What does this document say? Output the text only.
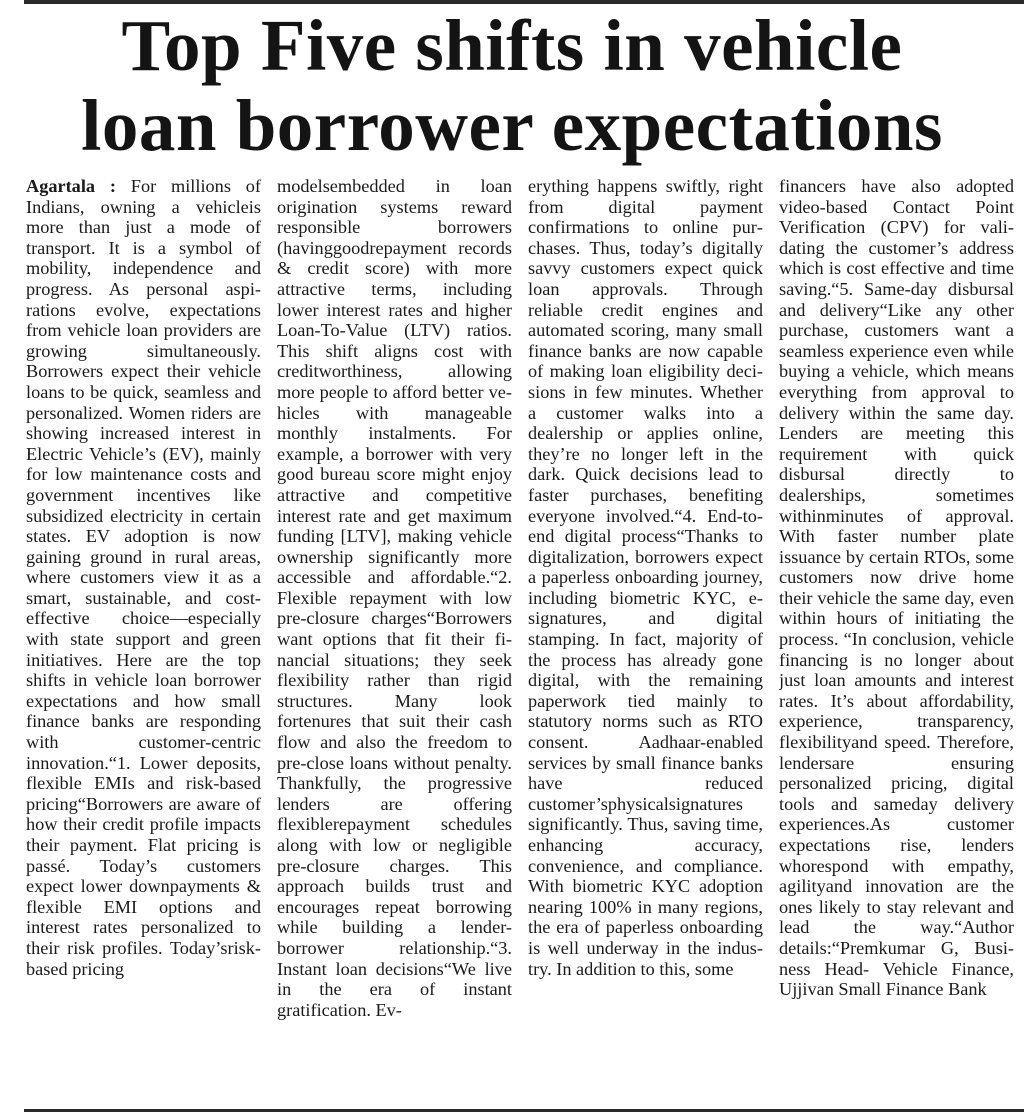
Top Five shifts in vehicle
loan borrower expectations

Agartala : For millions of Indians, owning a vehicleis more than just a mode of transport. It is a symbol of mobility, independence and progress. As personal aspirations evolve, expectations from vehicle loan providers are growing simultaneously. Borrowers expect their vehicle loans to be quick, seamless and personalized. Women riders are showing increased interest in Electric Vehicle’s (EV), mainly for low maintenance costs and government incentives like subsidized electricity in certain states. EV adoption is now gaining ground in rural areas, where customers view it as a smart, sustainable, and cost-effective choice—especially with state support and green initiatives. Here are the top shifts in vehicle loan borrower expectations and how small finance banks are responding with customer-centric innovation.“1. Lower deposits, flexible EMIs and risk-based pricing“Borrowers are aware of how their credit profile impacts their payment. Flat pricing is passé. Today’s customers expect lower downpayments & flexible EMI options and interest rates personalized to their risk profiles. Today’srisk-based pricing

modelsembedded in loan origination systems reward responsible borrowers (havinggoodrepayment records & credit score) with more attractive terms, including lower interest rates and higher Loan-To-Value (LTV) ratios. This shift aligns cost with creditworthiness, allowing more people to afford better vehicles with manageable monthly instalments. For example, a borrower with very good bureau score might enjoy attractive and competitive interest rate and get maximum funding [LTV], making vehicle ownership significantly more accessible and affordable.“2. Flexible repayment with low pre-closure charges“Borrowers want options that fit their financial situations; they seek flexibility rather than rigid structures. Many look fortenures that suit their cash flow and also the freedom to pre-close loans without penalty. Thankfully, the progressive lenders are offering flexiblerepayment schedules along with low or negligible pre-closure charges. This approach builds trust and encourages repeat borrowing while building a lender-borrower relationship.“3. Instant loan decisions“We live in the era of instant gratification. Ev-

erything happens swiftly, right from digital payment confirmations to online purchases. Thus, today’s digitally savvy customers expect quick loan approvals. Through reliable credit engines and automated scoring, many small finance banks are now capable of making loan eligibility decisions in few minutes. Whether a customer walks into a dealership or applies online, they’re no longer left in the dark. Quick decisions lead to faster purchases, benefiting everyone involved.“4. End-to-end digital process“Thanks to digitalization, borrowers expect a paperless onboarding journey, including biometric KYC, e-signatures, and digital stamping. In fact, majority of the process has already gone digital, with the remaining paperwork tied mainly to statutory norms such as RTO consent. Aadhaar-enabled services by small finance banks have reduced customer’sphysicalsignatures significantly. Thus, saving time, enhancing accuracy, convenience, and compliance. With biometric KYC adoption nearing 100% in many regions, the era of paperless onboarding is well underway in the industry. In addition to this, some

financers have also adopted video-based Contact Point Verification (CPV) for validating the customer’s address which is cost effective and time saving.“5. Same-day disbursal and delivery“Like any other purchase, customers want a seamless experience even while buying a vehicle, which means everything from approval to delivery within the same day. Lenders are meeting this requirement with quick disbursal directly to dealerships, sometimes withinminutes of approval. With faster number plate issuance by certain RTOs, some customers now drive home their vehicle the same day, even within hours of initiating the process. “In conclusion, vehicle financing is no longer about just loan amounts and interest rates. It’s about affordability, experience, transparency, flexibilityand speed. Therefore, lendersare ensuring personalized pricing, digital tools and sameday delivery experiences.As customer expectations rise, lenders whorespond with empathy, agilityand innovation are the ones likely to stay relevant and lead the way.“Author details:“Premkumar G, Business Head- Vehicle Finance, Ujjivan Small Finance Bank
